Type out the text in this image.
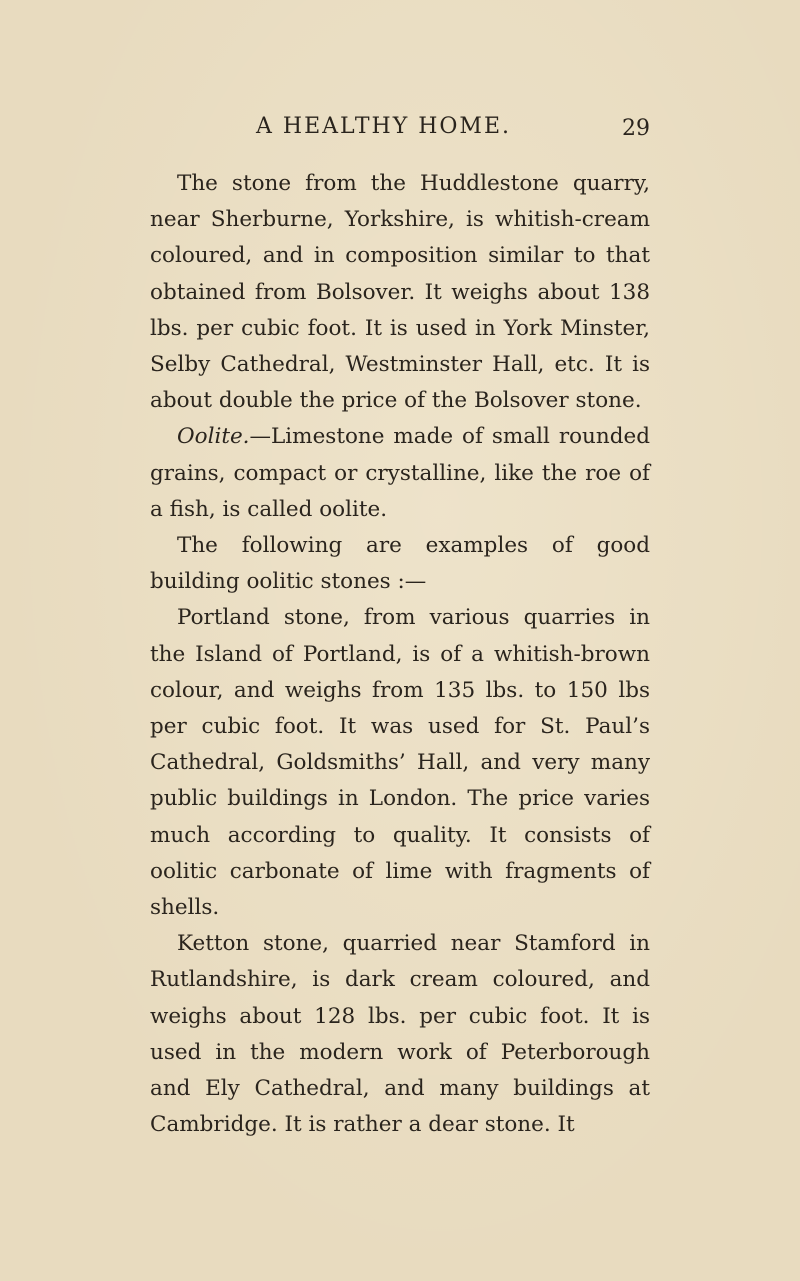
A HEALTHY HOME.	29

The stone from the Huddlestone quarry, near Sherburne, Yorkshire, is whitish-cream coloured, and in composition similar to that obtained from Bolsover. It weighs about 138 lbs. per cubic foot. It is used in York Minster, Selby Cathedral, Westminster Hall, etc. It is about double the price of the Bolsover stone.

Oolite.—Limestone made of small rounded grains, compact or crystalline, like the roe of a fish, is called oolite.

The following are examples of good building oolitic stones :—

Portland stone, from various quarries in the Island of Portland, is of a whitish-brown colour, and weighs from 135 lbs. to 150 lbs per cubic foot. It was used for St. Paul’s Cathedral, Goldsmiths’ Hall, and very many public buildings in London. The price varies much according to quality. It consists of oolitic carbonate of lime with fragments of shells.

Ketton stone, quarried near Stamford in Rutlandshire, is dark cream coloured, and weighs about 128 lbs. per cubic foot. It is used in the modern work of Peterborough and Ely Cathedral, and many buildings at Cambridge. It is rather a dear stone. It
